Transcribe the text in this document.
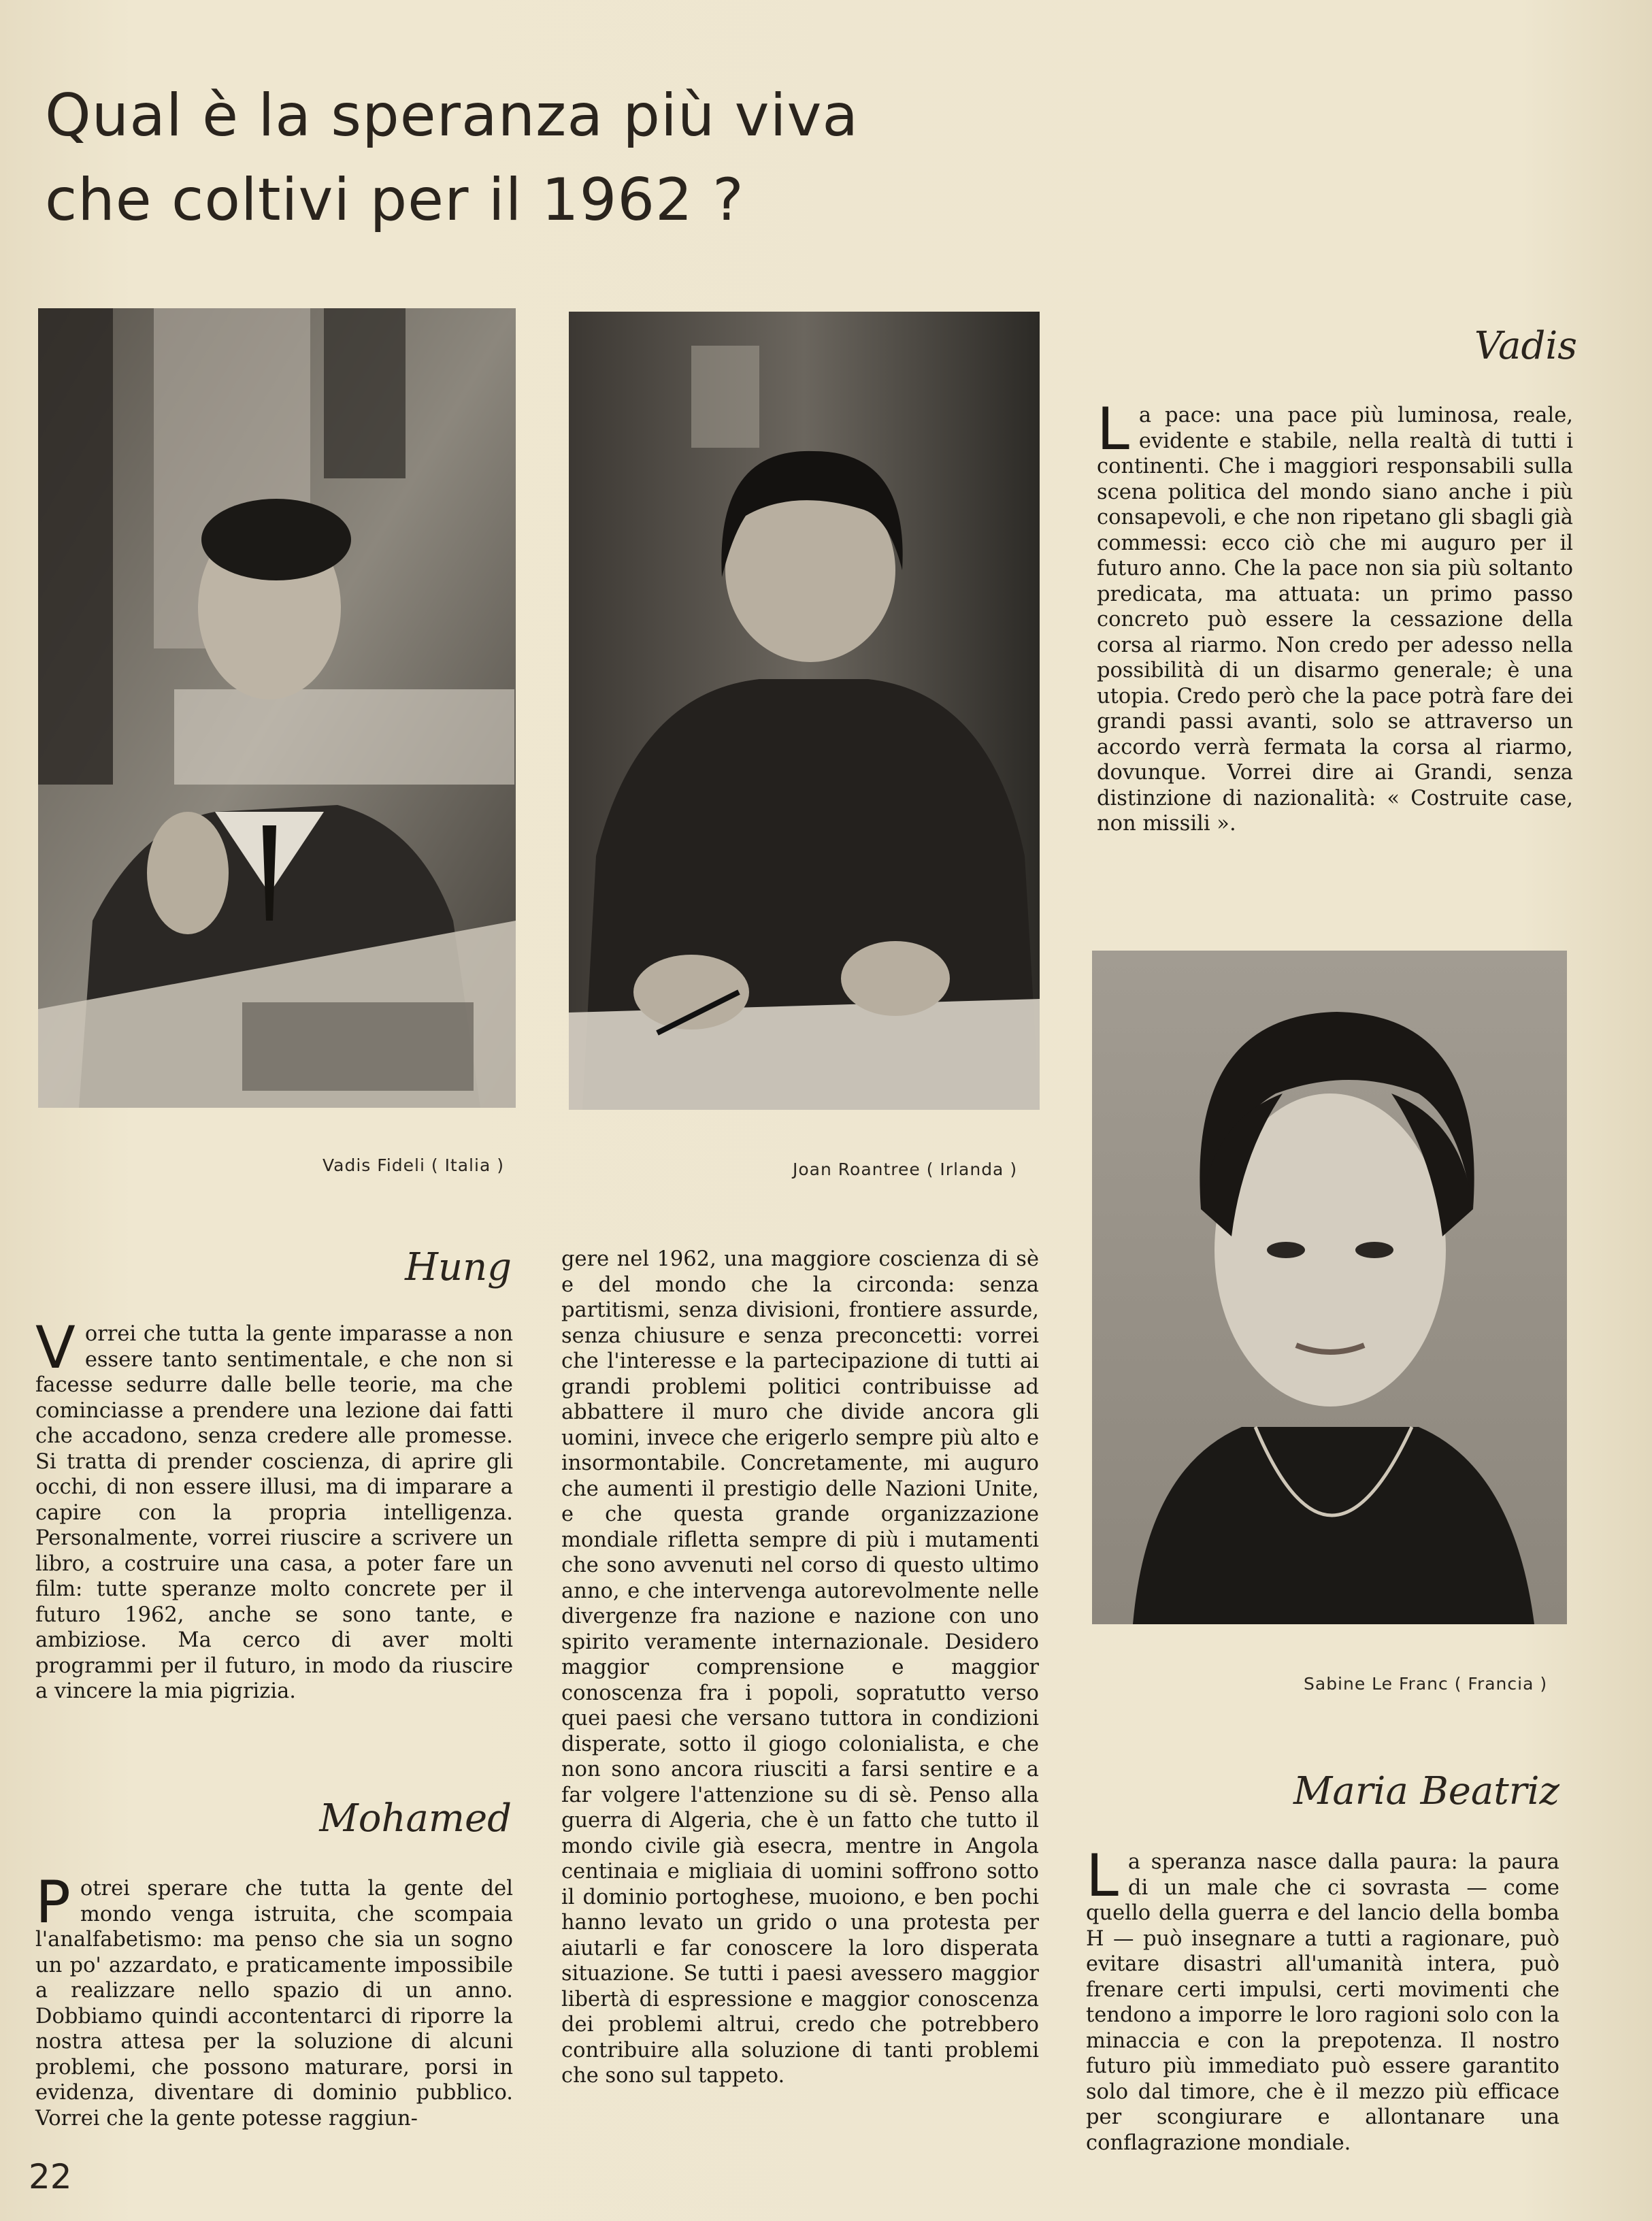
Qual è la speranza più viva
che coltivi per il 1962 ?
Vadis Fideli ( Italia )	Joan Roantree ( Irlanda )
Sabine Le Franc ( Francia )
Vadis
La pace: una pace più luminosa, reale, evidente e stabile, nella realtà di tutti i continenti. Che i maggiori responsabili sulla scena politica del mondo siano anche i più consapevoli, e che non ripetano gli sbagli già commessi: ecco ciò che mi auguro per il futuro anno. Che la pace non sia più soltanto predicata, ma attuata: un primo passo concreto può essere la cessazione della corsa al riarmo. Non credo per adesso nella possibilità di un disarmo generale; è una utopia. Credo però che la pace potrà fare dei grandi passi avanti, solo se attraverso un accordo verrà fermata la corsa al riarmo, dovunque. Vorrei dire ai Grandi, senza distinzione di nazionalità: « Costruite case, non missili ».
Hung
Vorrei che tutta la gente imparasse a non essere tanto sentimentale, e che non si facesse sedurre dalle belle teorie, ma che cominciasse a prendere una lezione dai fatti che accadono, senza credere alle promesse. Si tratta di prender coscienza, di aprire gli occhi, di non essere illusi, ma di imparare a capire con la propria intelligenza. Personalmente, vorrei riuscire a scrivere un libro, a costruire una casa, a poter fare un film: tutte speranze molto concrete per il futuro 1962, anche se sono tante, e ambiziose. Ma cerco di aver molti programmi per il futuro, in modo da riuscire a vincere la mia pigrizia.
Mohamed
Potrei sperare che tutta la gente del mondo venga istruita, che scompaia l'analfabetismo: ma penso che sia un sogno un po' azzardato, e praticamente impossibile a realizzare nello spazio di un anno. Dobbiamo quindi accontentarci di riporre la nostra attesa per la soluzione di alcuni problemi, che possono maturare, porsi in evidenza, diventare di dominio pubblico. Vorrei che la gente potesse raggiun-
gere nel 1962, una maggiore coscienza di sè e del mondo che la circonda: senza partitismi, senza divisioni, frontiere assurde, senza chiusure e senza preconcetti: vorrei che l'interesse e la partecipazione di tutti ai grandi problemi politici contribuisse ad abbattere il muro che divide ancora gli uomini, invece che erigerlo sempre più alto e insormontabile. Concretamente, mi auguro che aumenti il prestigio delle Nazioni Unite, e che questa grande organizzazione mondiale rifletta sempre di più i mutamenti che sono avvenuti nel corso di questo ultimo anno, e che intervenga autorevolmente nelle divergenze fra nazione e nazione con uno spirito veramente internazionale. Desidero maggior comprensione e maggior conoscenza fra i popoli, sopratutto verso quei paesi che versano tuttora in condizioni disperate, sotto il giogo colonialista, e che non sono ancora riusciti a farsi sentire e a far volgere l'attenzione su di sè. Penso alla guerra di Algeria, che è un fatto che tutto il mondo civile già esecra, mentre in Angola centinaia e migliaia di uomini soffrono sotto il dominio portoghese, muoiono, e ben pochi hanno levato un grido o una protesta per aiutarli e far conoscere la loro disperata situazione. Se tutti i paesi avessero maggior libertà di espressione e maggior conoscenza dei problemi altrui, credo che potrebbero contribuire alla soluzione di tanti problemi che sono sul tappeto.
Maria Beatriz
La speranza nasce dalla paura: la paura di un male che ci sovrasta — come quello della guerra e del lancio della bomba H — può insegnare a tutti a ragionare, può evitare disastri all'umanità intera, può frenare certi impulsi, certi movimenti che tendono a imporre le loro ragioni solo con la minaccia e con la prepotenza. Il nostro futuro più immediato può essere garantito solo dal timore, che è il mezzo più efficace per scongiurare e allontanare una conflagrazione mondiale.
22
